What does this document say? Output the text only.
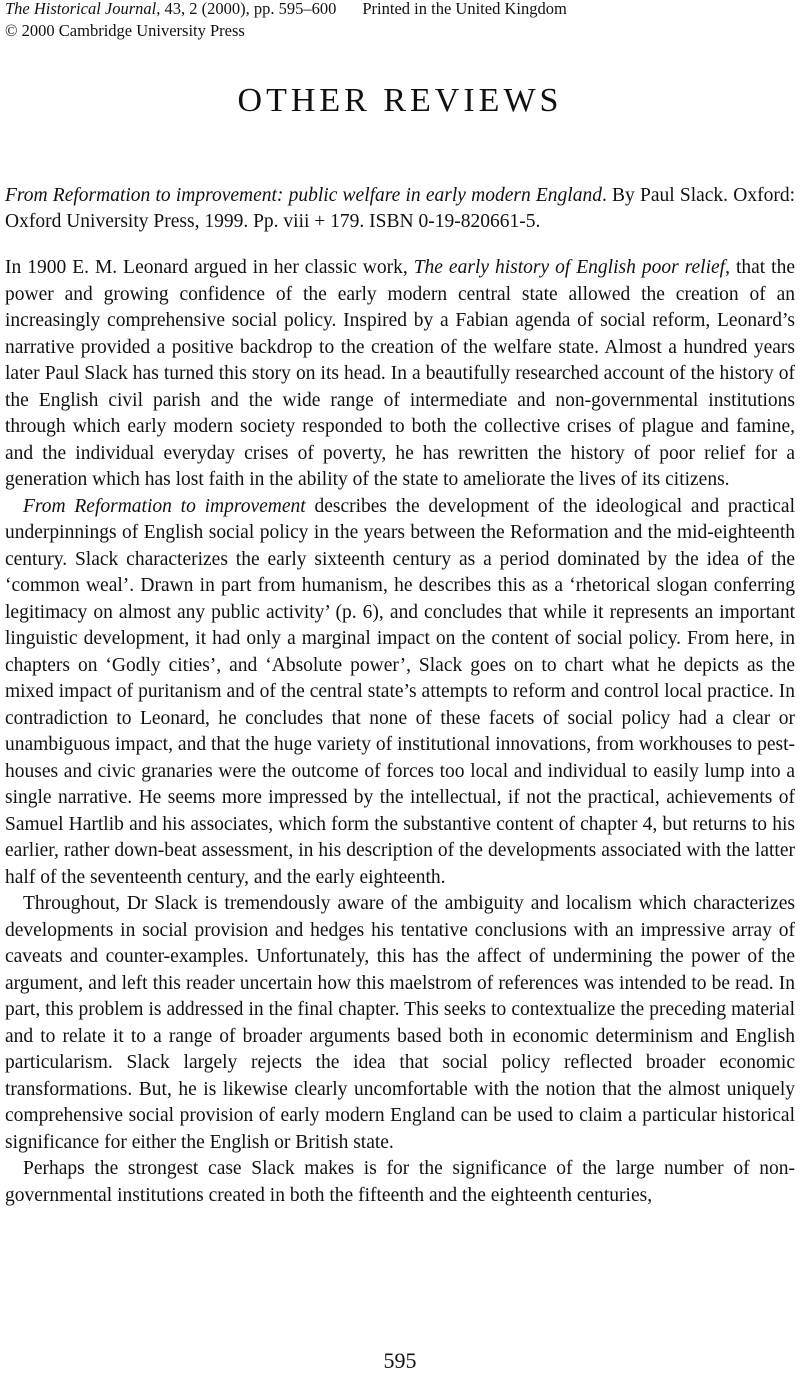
The Historical Journal, 43, 2 (2000), pp. 595–600 Printed in the United Kingdom
© 2000 Cambridge University Press
OTHER REVIEWS

From Reformation to improvement: public welfare in early modern England. By Paul Slack. Oxford: Oxford University Press, 1999. Pp. viii + 179. ISBN 0-19-820661-5.

In 1900 E. M. Leonard argued in her classic work, The early history of English poor relief, that the power and growing confidence of the early modern central state allowed the creation of an increasingly comprehensive social policy. Inspired by a Fabian agenda of social reform, Leonard’s narrative provided a positive backdrop to the creation of the welfare state. Almost a hundred years later Paul Slack has turned this story on its head. In a beautifully researched account of the history of the English civil parish and the wide range of intermediate and non-governmental institutions through which early modern society responded to both the collective crises of plague and famine, and the individual everyday crises of poverty, he has rewritten the history of poor relief for a generation which has lost faith in the ability of the state to ameliorate the lives of its citizens.

From Reformation to improvement describes the development of the ideological and practical underpinnings of English social policy in the years between the Reformation and the mid-eighteenth century. Slack characterizes the early sixteenth century as a period dominated by the idea of the ‘common weal’. Drawn in part from humanism, he describes this as a ‘rhetorical slogan conferring legitimacy on almost any public activity’ (p. 6), and concludes that while it represents an important linguistic development, it had only a marginal impact on the content of social policy. From here, in chapters on ‘Godly cities’, and ‘Absolute power’, Slack goes on to chart what he depicts as the mixed impact of puritanism and of the central state’s attempts to reform and control local practice. In contradiction to Leonard, he concludes that none of these facets of social policy had a clear or unambiguous impact, and that the huge variety of institutional innovations, from workhouses to pest-houses and civic granaries were the outcome of forces too local and individual to easily lump into a single narrative. He seems more impressed by the intellectual, if not the practical, achievements of Samuel Hartlib and his associates, which form the substantive content of chapter 4, but returns to his earlier, rather down-beat assessment, in his description of the developments associated with the latter half of the seventeenth century, and the early eighteenth.

Throughout, Dr Slack is tremendously aware of the ambiguity and localism which characterizes developments in social provision and hedges his tentative conclusions with an impressive array of caveats and counter-examples. Unfortunately, this has the affect of undermining the power of the argument, and left this reader uncertain how this maelstrom of references was intended to be read. In part, this problem is addressed in the final chapter. This seeks to contextualize the preceding material and to relate it to a range of broader arguments based both in economic determinism and English particularism. Slack largely rejects the idea that social policy reflected broader economic transformations. But, he is likewise clearly uncomfortable with the notion that the almost uniquely comprehensive social provision of early modern England can be used to claim a particular historical significance for either the English or British state.

Perhaps the strongest case Slack makes is for the significance of the large number of non-governmental institutions created in both the fifteenth and the eighteenth centuries,

595
